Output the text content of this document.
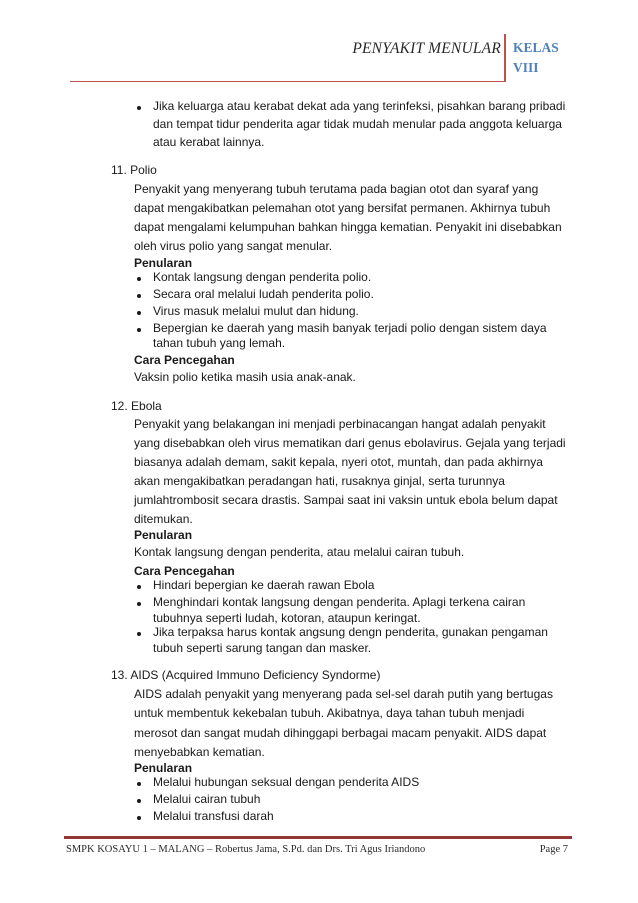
PENYAKIT MENULAR KELAS
VIII
Jika keluarga atau kerabat dekat ada yang terinfeksi, pisahkan barang pribadi
dan tempat tidur penderita agar tidak mudah menular pada anggota keluarga
atau kerabat lainnya.
11. Polio
Penyakit yang menyerang tubuh terutama pada bagian otot dan syaraf yang
dapat mengakibatkan pelemahan otot yang bersifat permanen. Akhirnya tubuh
dapat mengalami kelumpuhan bahkan hingga kematian. Penyakit ini disebabkan
oleh virus polio yang sangat menular.
Penularan
Kontak langsung dengan penderita polio.
Secara oral melalui ludah penderita polio.
Virus masuk melalui mulut dan hidung.
Bepergian ke daerah yang masih banyak terjadi polio dengan sistem daya
tahan tubuh yang lemah.
Cara Pencegahan
Vaksin polio ketika masih usia anak-anak.
12. Ebola
Penyakit yang belakangan ini menjadi perbinacangan hangat adalah penyakit
yang disebabkan oleh virus mematikan dari genus ebolavirus. Gejala yang terjadi
biasanya adalah demam, sakit kepala, nyeri otot, muntah, dan pada akhirnya
akan mengakibatkan peradangan hati, rusaknya ginjal, serta turunnya
jumlahtrombosit secara drastis. Sampai saat ini vaksin untuk ebola belum dapat
ditemukan.
Penularan
Kontak langsung dengan penderita, atau melalui cairan tubuh.
Cara Pencegahan
Hindari bepergian ke daerah rawan Ebola
Menghindari kontak langsung dengan penderita. Aplagi terkena cairan
tubuhnya seperti ludah, kotoran, ataupun keringat.
Jika terpaksa harus kontak angsung dengn penderita, gunakan pengaman
tubuh seperti sarung tangan dan masker.
13. AIDS (Acquired Immuno Deficiency Syndorme)
AIDS adalah penyakit yang menyerang pada sel-sel darah putih yang bertugas
untuk membentuk kekebalan tubuh. Akibatnya, daya tahan tubuh menjadi
merosot dan sangat mudah dihinggapi berbagai macam penyakit. AIDS dapat
menyebabkan kematian.
Penularan
Melalui hubungan seksual dengan penderita AIDS
Melalui cairan tubuh
Melalui transfusi darah
SMPK KOSAYU 1 – MALANG – Robertus Jama, S.Pd. dan Drs. Tri Agus Iriandono	Page 7
